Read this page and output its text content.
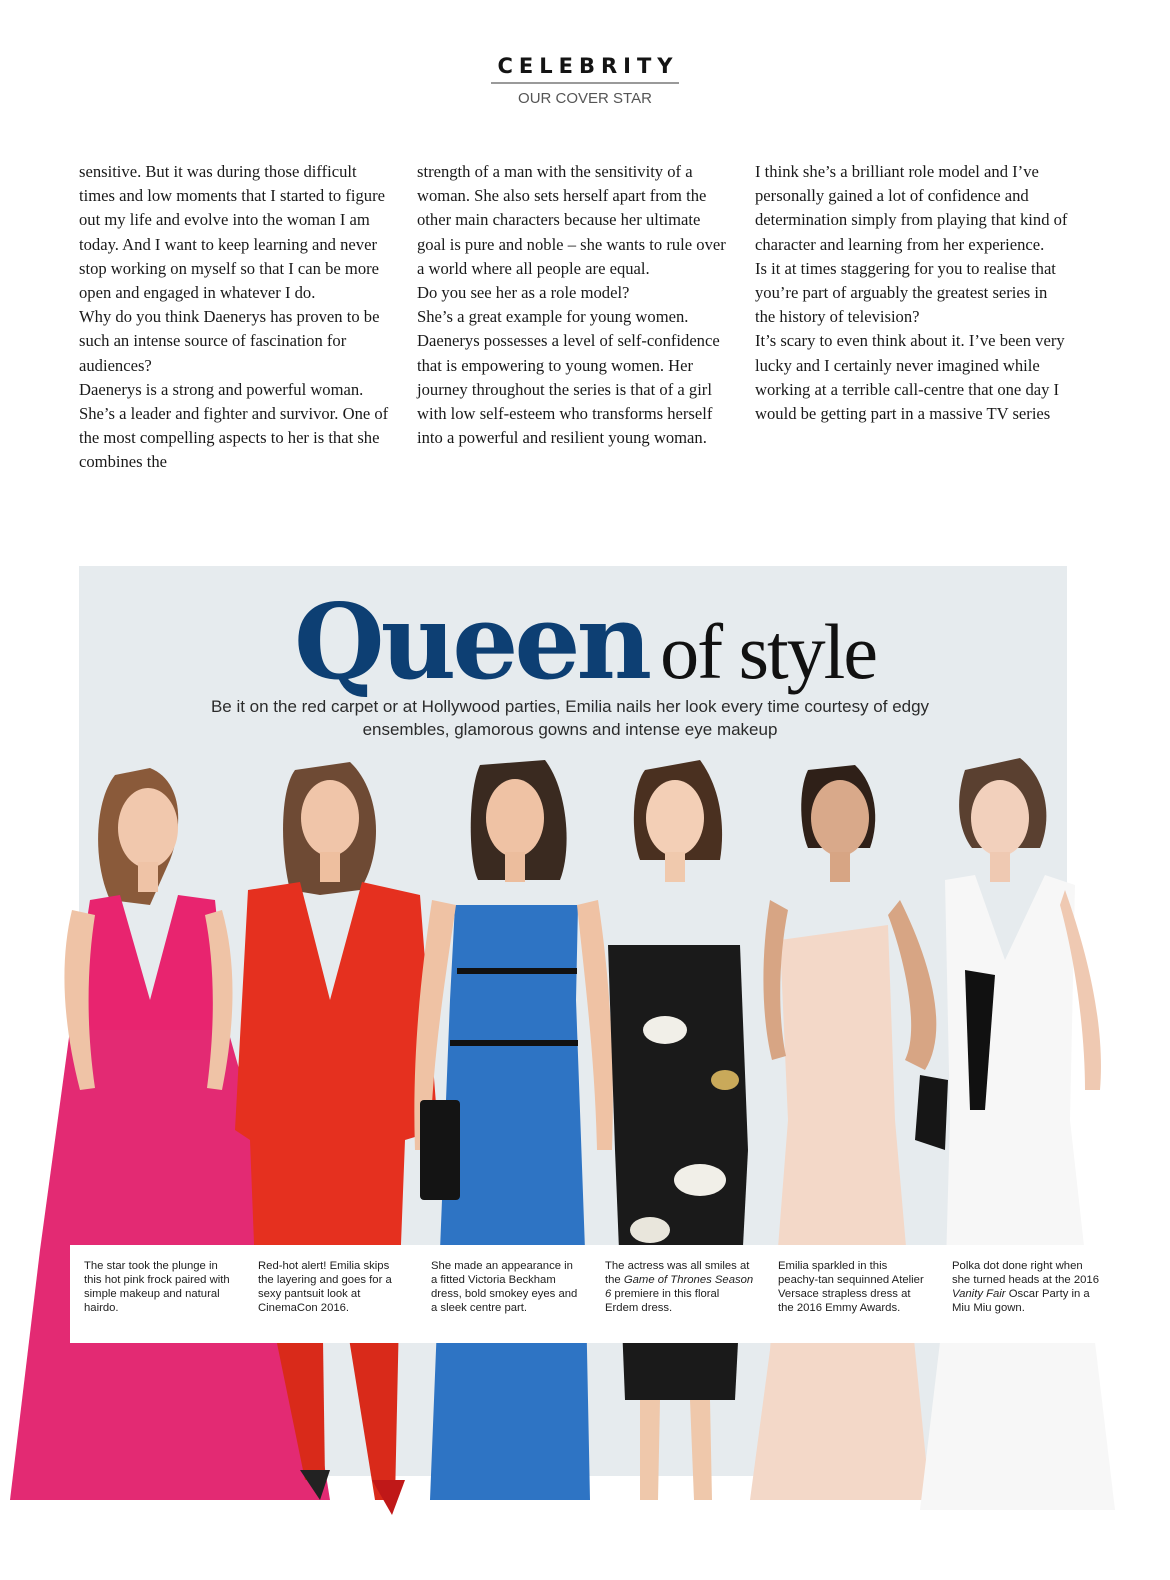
CELEBRITY
OUR COVER STAR

sensitive. But it was during those difficult times and low moments that I started to figure out my life and evolve into the woman I am today. And I want to keep learning and never stop working on myself so that I can be more open and engaged in whatever I do.

Why do you think Daenerys has proven to be such an intense source of fascination for audiences?

Daenerys is a strong and powerful woman. She’s a leader and fighter and survivor. One of the most compelling aspects to her is that she combines the

strength of a man with the sensitivity of a woman. She also sets herself apart from the other main characters because her ultimate goal is pure and noble – she wants to rule over a world where all people are equal.

Do you see her as a role model?

She’s a great example for young women. Daenerys possesses a level of self-confidence that is empowering to young women. Her journey throughout the series is that of a girl with low self-esteem who transforms herself into a powerful and resilient young woman.

I think she’s a brilliant role model and I’ve personally gained a lot of confidence and determination simply from playing that kind of character and learning from her experience.

Is it at times staggering for you to realise that you’re part of arguably the greatest series in the history of television?

It’s scary to even think about it. I’ve been very lucky and I certainly never imagined while working at a terrible call-centre that one day I would be getting part in a massive TV series

Queen of style
Be it on the red carpet or at Hollywood parties, Emilia nails her look every time courtesy of edgy ensembles, glamorous gowns and intense eye makeup
The star took the plunge in this hot pink frock paired with simple makeup and natural hairdo.
Red-hot alert! Emilia skips the layering and goes for a sexy pantsuit look at CinemaCon 2016.
She made an appearance in a fitted Victoria Beckham dress, bold smokey eyes and a sleek centre part.
The actress was all smiles at the Game of Thrones Season 6 premiere in this floral Erdem dress.
Emilia sparkled in this peachy-tan sequinned Atelier Versace strapless dress at the 2016 Emmy Awards.
Polka dot done right when she turned heads at the 2016 Vanity Fair Oscar Party in a Miu Miu gown.
